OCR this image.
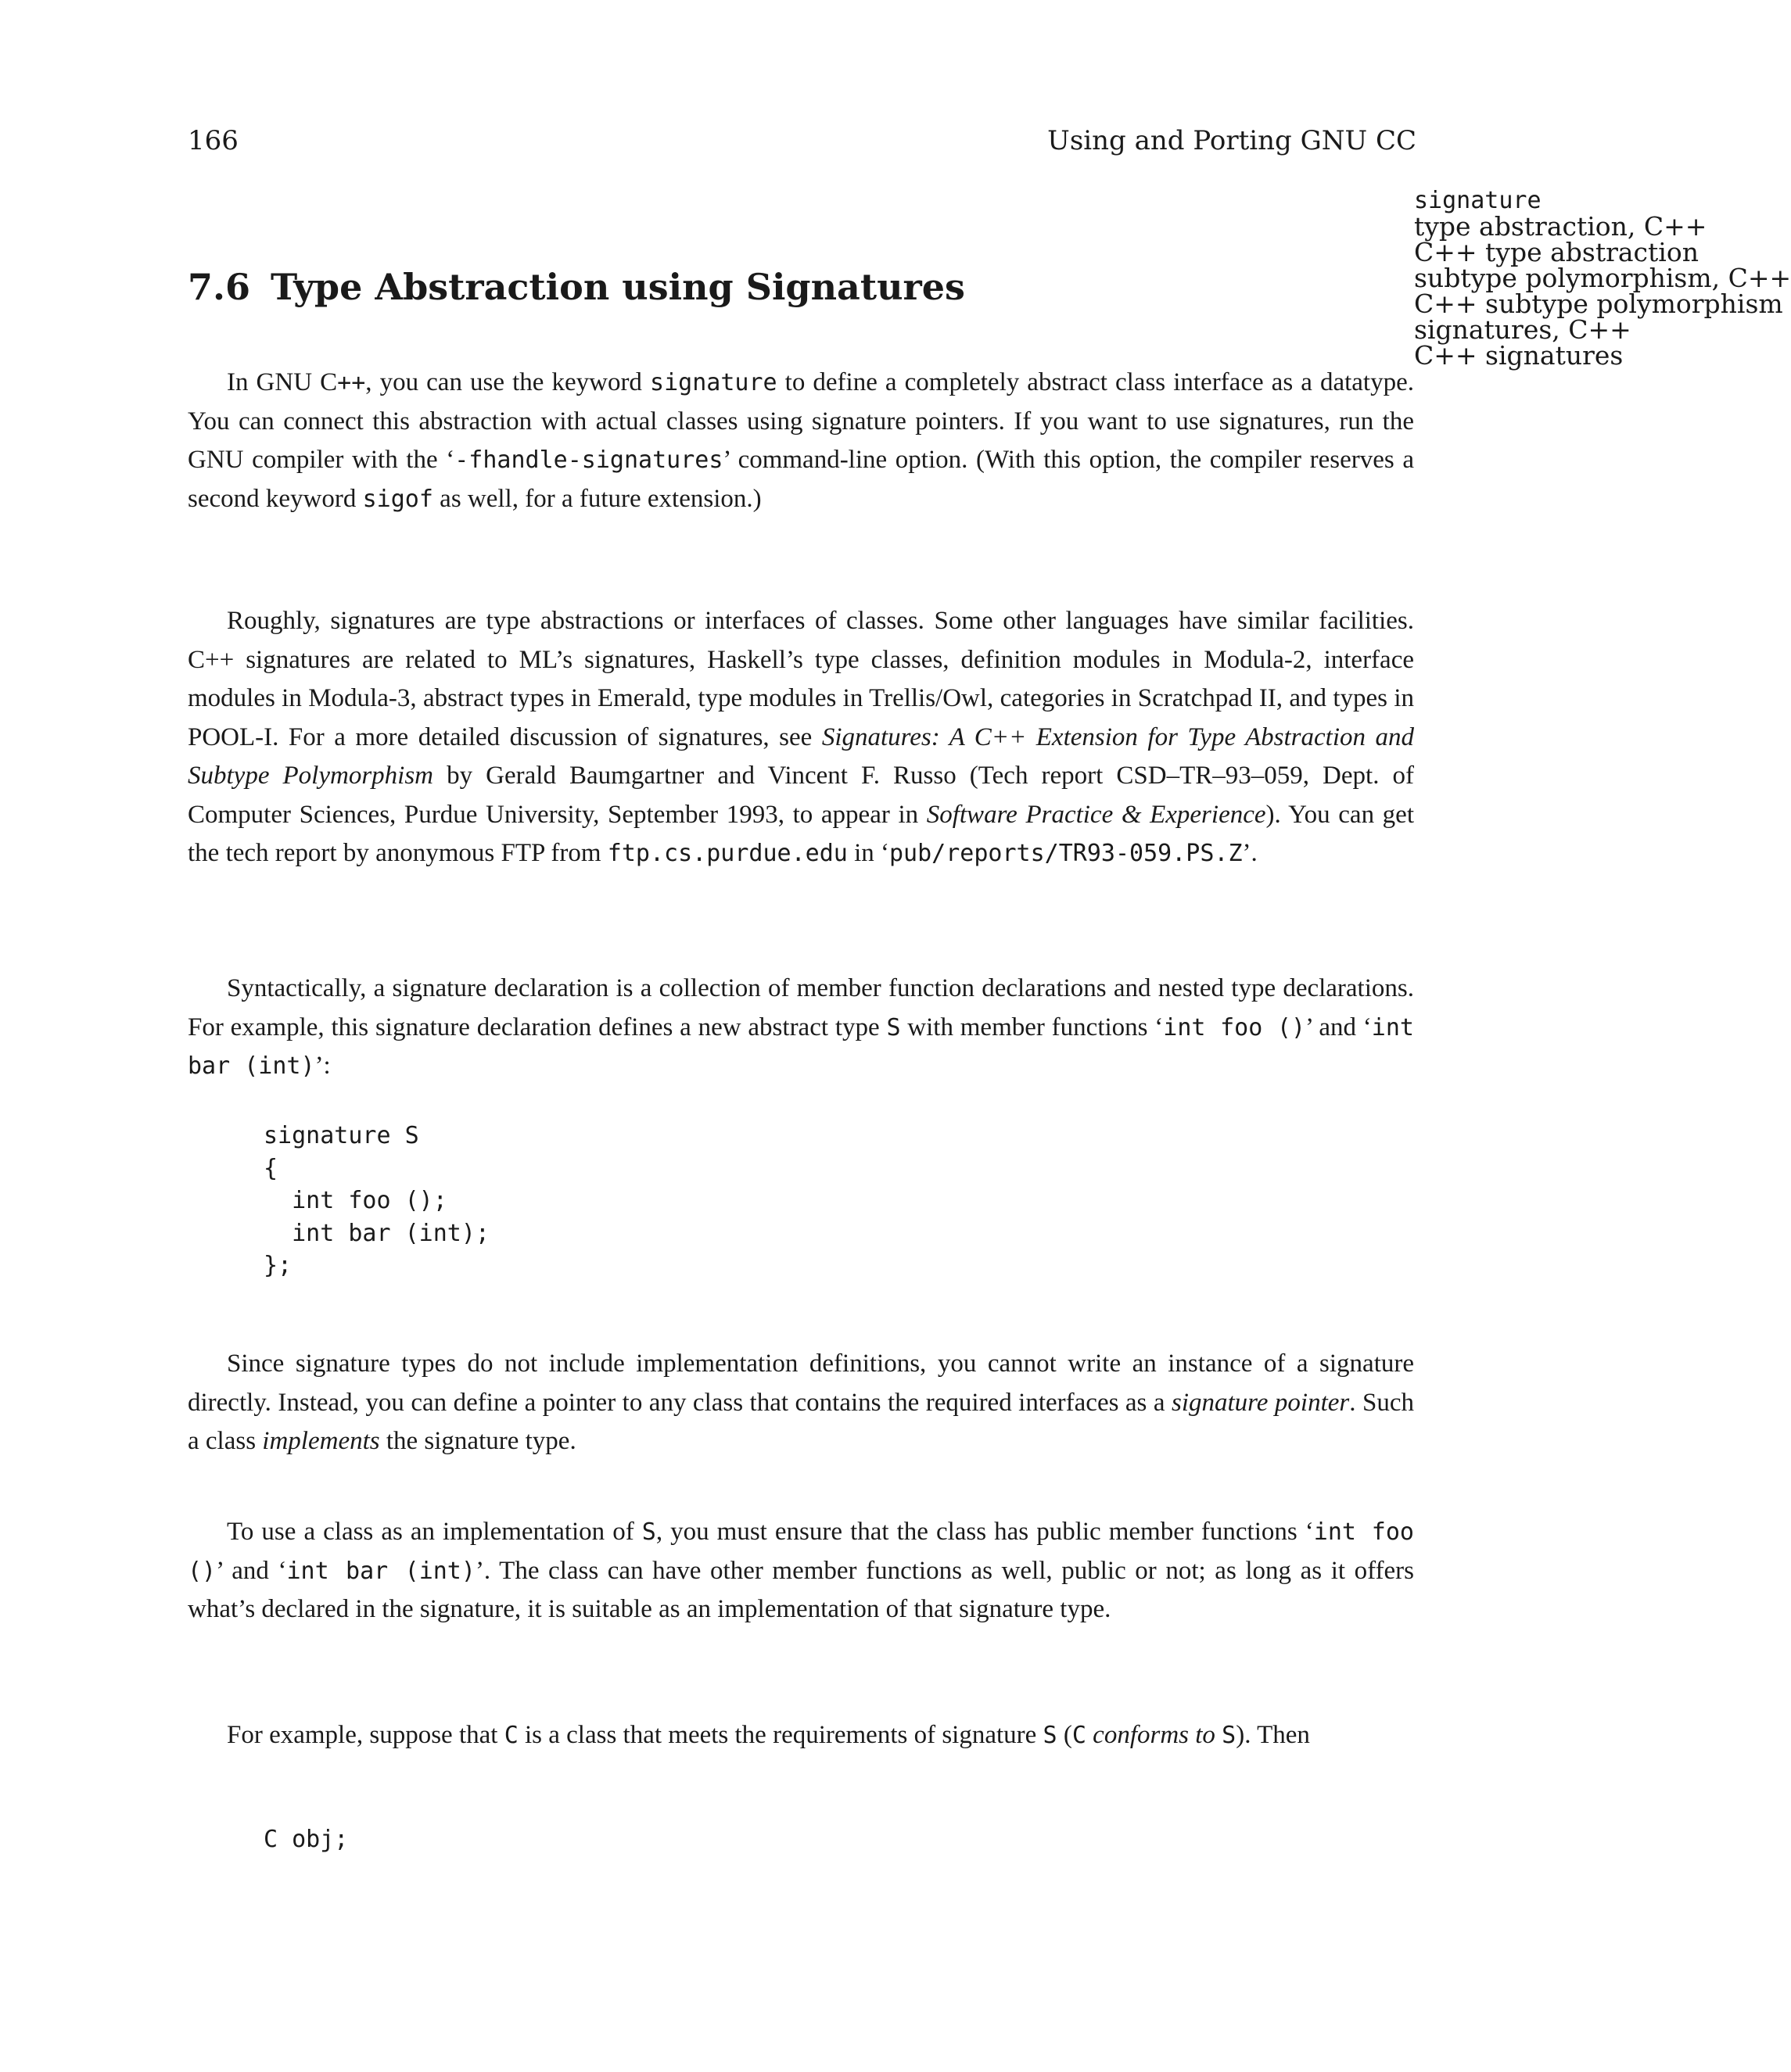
166	Using and Porting GNU CC
signature
type abstraction, C++
C++ type abstraction
subtype polymorphism, C++
C++ subtype polymorphism
signatures, C++
C++ signatures
7.6 Type Abstraction using Signatures

In GNU C++, you can use the keyword signature to define a completely abstract class interface as a datatype. You can connect this abstraction with actual classes using signature pointers. If you want to use signatures, run the GNU compiler with the ‘-fhandle-signatures’ command-line option. (With this option, the compiler reserves a second keyword sigof as well, for a future extension.)

Roughly, signatures are type abstractions or interfaces of classes. Some other languages have similar facilities. C++ signatures are related to ML’s signatures, Haskell’s type classes, definition modules in Modula-2, interface modules in Modula-3, abstract types in Emerald, type modules in Trellis/Owl, categories in Scratchpad II, and types in POOL-I. For a more detailed discussion of signatures, see Signatures: A C++ Extension for Type Abstraction and Subtype Polymorphism by Gerald Baumgartner and Vincent F. Russo (Tech report CSD–TR–93–059, Dept. of Computer Sciences, Purdue University, September 1993, to appear in Software Practice & Experience). You can get the tech report by anonymous FTP from ftp.cs.purdue.edu in ‘pub/reports/TR93-059.PS.Z’.

Syntactically, a signature declaration is a collection of member function declarations and nested type declarations. For example, this signature declaration defines a new abstract type S with member functions ‘int foo ()’ and ‘int bar (int)’:

signature S
{
int foo ();
int bar (int);
};

Since signature types do not include implementation definitions, you cannot write an instance of a signature directly. Instead, you can define a pointer to any class that contains the required interfaces as a signature pointer. Such a class implements the signature type.

To use a class as an implementation of S, you must ensure that the class has public member functions ‘int foo ()’ and ‘int bar (int)’. The class can have other member functions as well, public or not; as long as it offers what’s declared in the signature, it is suitable as an implementation of that signature type.

For example, suppose that C is a class that meets the requirements of signature S (C conforms to S). Then

C obj;
